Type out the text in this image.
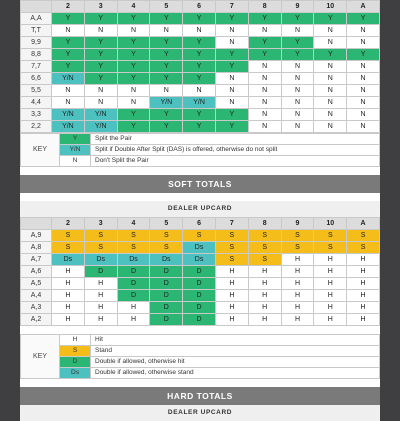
	2	3	4	5	6	7	8	9	10	A
A,A	Y	Y	Y	Y	Y	Y	Y	Y	Y	Y
T,T	N	N	N	N	N	N	N	N	N	N
9,9	Y	Y	Y	Y	Y	N	Y	Y	N	N
8,8	Y	Y	Y	Y	Y	Y	Y	Y	Y	Y
7,7	Y	Y	Y	Y	Y	Y	N	N	N	N
6,6	Y/N	Y	Y	Y	Y	N	N	N	N	N
5,5	N	N	N	N	N	N	N	N	N	N
4,4	N	N	N	Y/N	Y/N	N	N	N	N	N
3,3	Y/N	Y/N	Y	Y	Y	Y	N	N	N	N
2,2	Y/N	Y/N	Y	Y	Y	Y	N	N	N	N
KEY	Y	Split the Pair
	Y/N	Split if Double After Split (DAS) is offered, otherwise do not split
	N	Don't Split the Pair
SOFT TOTALS
DEALER UPCARD
	2	3	4	5	6	7	8	9	10	A
A,9	S	S	S	S	S	S	S	S	S	S
A,8	S	S	S	S	Ds	S	S	S	S	S
A,7	Ds	Ds	Ds	Ds	Ds	S	S	H	H	H
A,6	H	D	D	D	D	H	H	H	H	H
A,5	H	H	D	D	D	H	H	H	H	H
A,4	H	H	D	D	D	H	H	H	H	H
A,3	H	H	H	D	D	H	H	H	H	H
A,2	H	H	H	D	D	H	H	H	H	H
KEY	H	Hit
	S	Stand
	D	Double if allowed, otherwise hit
	Ds	Double if allowed, otherwise stand
HARD TOTALS
DEALER UPCARD
